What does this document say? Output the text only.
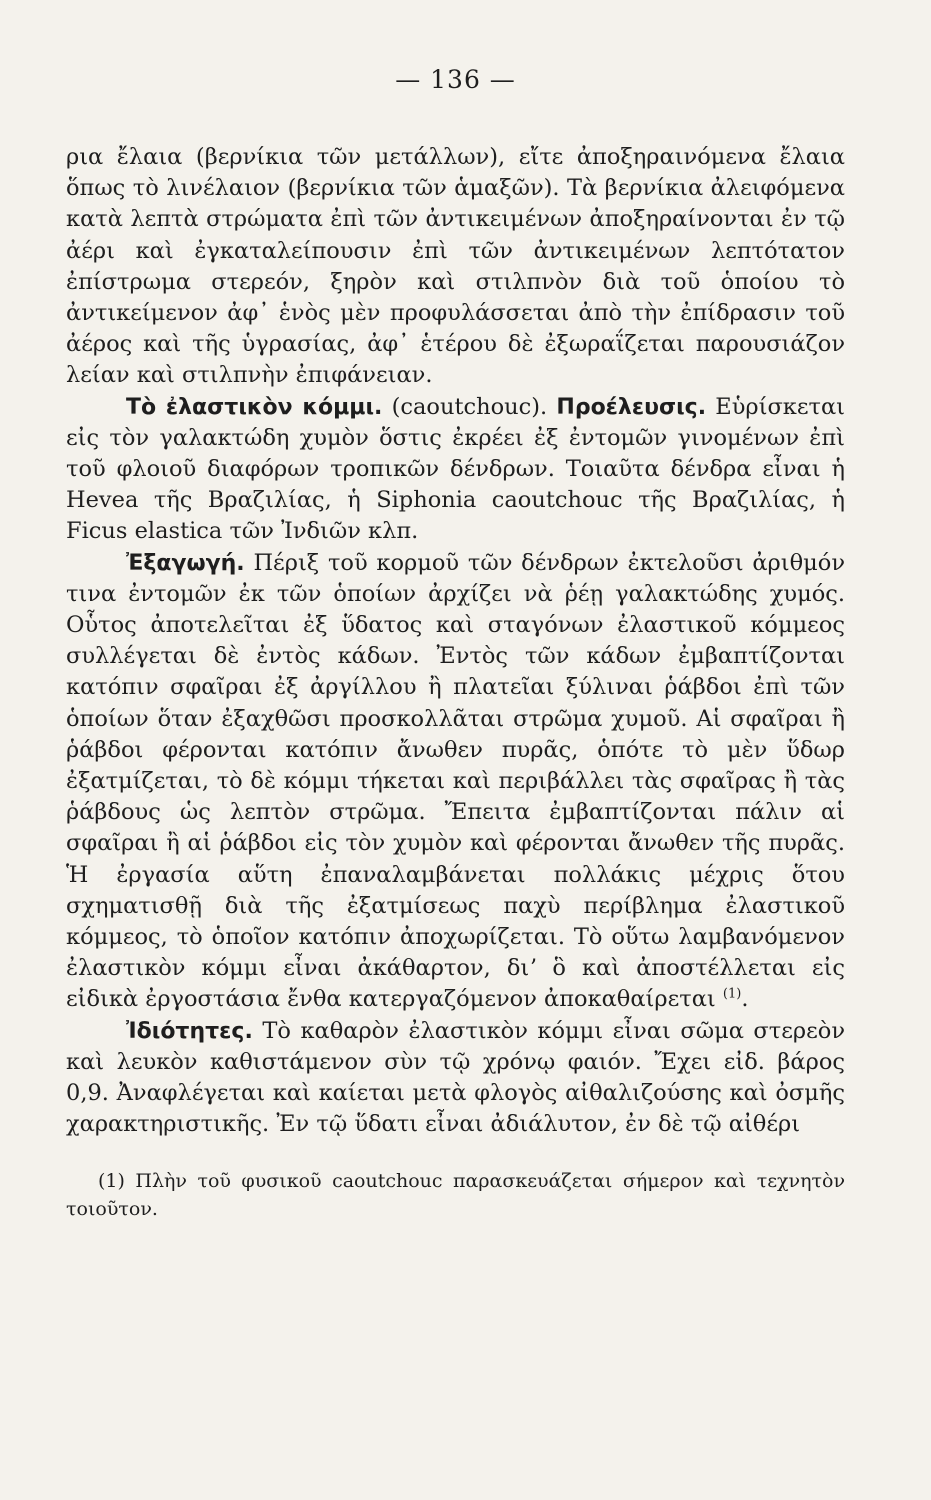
— 136 —

ρια ἔλαια (βερνίκια τῶν μετάλλων), εἴτε ἀποξηραινόμενα ἔλαια ὅπως τὸ λινέλαιον (βερνίκια τῶν ἁμαξῶν). Τὰ βερνίκια ἀλειφόμενα κατὰ λεπτὰ στρώματα ἐπὶ τῶν ἀντικειμένων ἀποξηραίνονται ἐν τῷ ἀέρι καὶ ἐγκαταλείπουσιν ἐπὶ τῶν ἀντικειμένων λεπτότατον ἐπίστρωμα στερεόν, ξηρὸν καὶ στιλπνὸν διὰ τοῦ ὁποίου τὸ ἀντικείμενον ἀφ᾽ ἑνὸς μὲν προφυλάσσεται ἀπὸ τὴν ἐπίδρασιν τοῦ ἀέρος καὶ τῆς ὑγρασίας, ἀφ᾽ ἑτέρου δὲ ἐξωραΐζεται παρουσιάζον λείαν καὶ στιλπνὴν ἐπιφάνειαν.

Τὸ ἐλαστικὸν κόμμι. (caoutchouc). Προέλευσις. Εὑρίσκεται εἰς τὸν γαλακτώδη χυμὸν ὅστις ἐκρέει ἐξ ἐντομῶν γινομένων ἐπὶ τοῦ φλοιοῦ διαφόρων τροπικῶν δένδρων. Τοιαῦτα δένδρα εἶναι ἡ Hevea τῆς Βραζιλίας, ἡ Siphonia caoutchouc τῆς Βραζιλίας, ἡ Ficus elastica τῶν Ἰνδιῶν κλπ.

Ἐξαγωγή. Πέριξ τοῦ κορμοῦ τῶν δένδρων ἐκτελοῦσι ἀριθμόν τινα ἐντομῶν ἐκ τῶν ὁποίων ἀρχίζει νὰ ῥέῃ γαλακτώδης χυμός. Οὗτος ἀποτελεῖται ἐξ ὕδατος καὶ σταγόνων ἐλαστικοῦ κόμμεος συλλέγεται δὲ ἐντὸς κάδων. Ἐντὸς τῶν κάδων ἐμβαπτίζονται κατόπιν σφαῖραι ἐξ ἀργίλλου ἢ πλατεῖαι ξύλιναι ῥάβδοι ἐπὶ τῶν ὁποίων ὅταν ἐξαχθῶσι προσκολλᾶται στρῶμα χυμοῦ. Αἱ σφαῖραι ἢ ῥάβδοι φέρονται κατόπιν ἄνωθεν πυρᾶς, ὁπότε τὸ μὲν ὕδωρ ἐξατμίζεται, τὸ δὲ κόμμι τήκεται καὶ περιβάλλει τὰς σφαῖρας ἢ τὰς ῥάβδους ὡς λεπτὸν στρῶμα. Ἔπειτα ἐμβαπτίζονται πάλιν αἱ σφαῖραι ἢ αἱ ῥάβδοι εἰς τὸν χυμὸν καὶ φέρονται ἄνωθεν τῆς πυρᾶς. Ἡ ἐργασία αὕτη ἐπαναλαμβάνεται πολλάκις μέχρις ὅτου σχηματισθῇ διὰ τῆς ἐξατμίσεως παχὺ περίβλημα ἐλαστικοῦ κόμμεος, τὸ ὁποῖον κατόπιν ἀποχωρίζεται. Τὸ οὕτω λαμβανόμενον ἐλαστικὸν κόμμι εἶναι ἀκάθαρτον, διʼ ὃ καὶ ἀποστέλλεται εἰς εἰδικὰ ἐργοστάσια ἔνθα κατεργαζόμενον ἀποκαθαίρεται $^{(1)}$.

Ἰδιότητες. Τὸ καθαρὸν ἐλαστικὸν κόμμι εἶναι σῶμα στερεὸν καὶ λευκὸν καθιστάμενον σὺν τῷ χρόνῳ φαιόν. Ἔχει εἰδ. βάρος 0,9. Ἀναφλέγεται καὶ καίεται μετὰ φλογὸς αἰθαλιζούσης καὶ ὀσμῆς χαρακτηριστικῆς. Ἐν τῷ ὕδατι εἶναι ἀδιάλυτον, ἐν δὲ τῷ αἰθέρι

(1) Πλὴν τοῦ φυσικοῦ caoutchouc παρασκευάζεται σήμερον καὶ τεχνητὸν τοιοῦτον.
